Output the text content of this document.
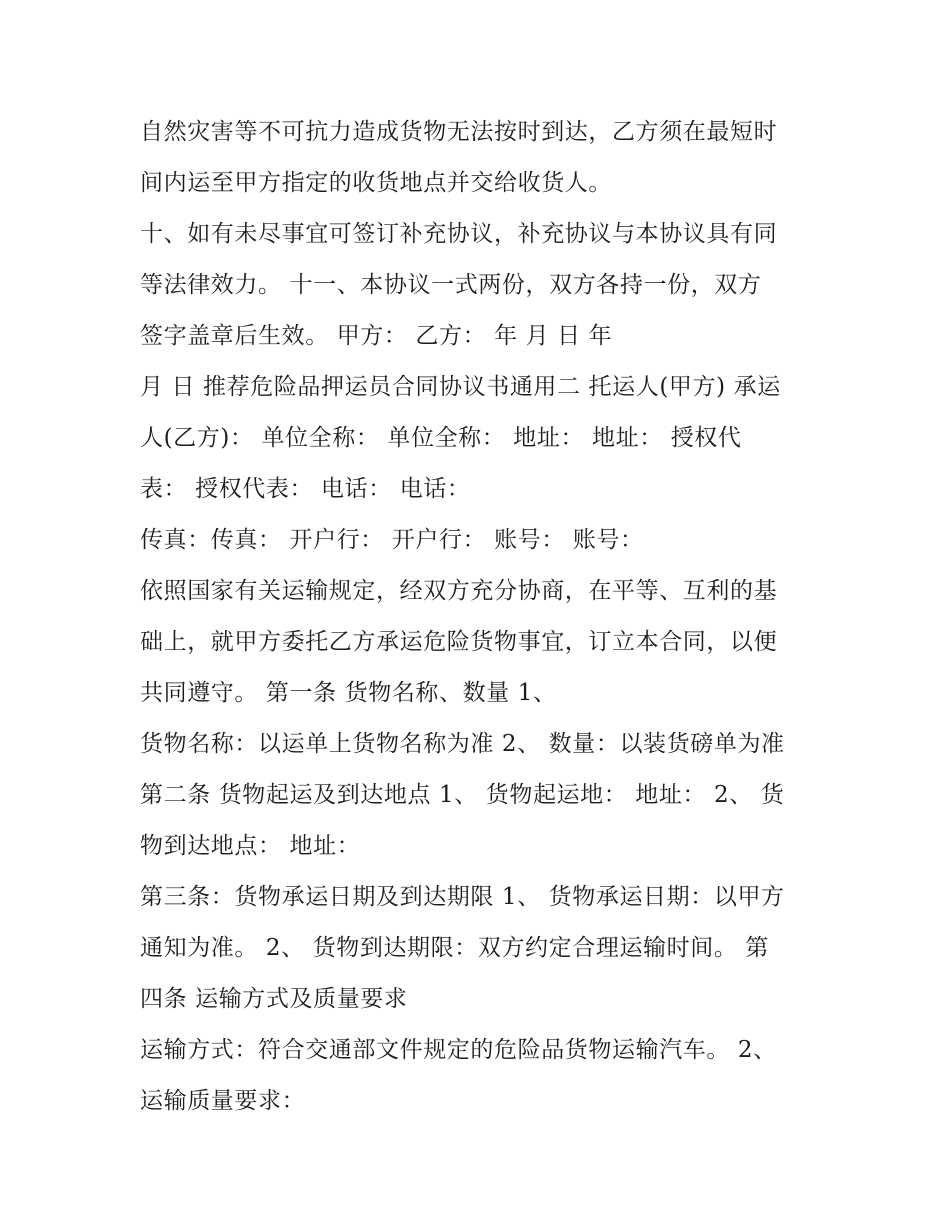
自然灾害等不可抗力造成货物无法按时到达，乙方须在最短时
间内运至甲方指定的收货地点并交给收货人。
十、如有未尽事宜可签订补充协议，补充协议与本协议具有同
等法律效力。 十一、本协议一式两份，双方各持一份，双方
签字盖章后生效。 甲方： 乙方： 年 月 日 年
月 日 推荐危险品押运员合同协议书通用二 托运人(甲方) 承运
人(乙方)： 单位全称： 单位全称： 地址： 地址： 授权代
表： 授权代表： 电话： 电话：
传真：传真： 开户行： 开户行： 账号： 账号：
依照国家有关运输规定，经双方充分协商，在平等、互利的基
础上，就甲方委托乙方承运危险货物事宜，订立本合同，以便
共同遵守。 第一条 货物名称、数量 1、
货物名称：以运单上货物名称为准 2、 数量：以装货磅单为准
第二条 货物起运及到达地点 1、 货物起运地： 地址： 2、 货
物到达地点： 地址：
第三条：货物承运日期及到达期限 1、 货物承运日期：以甲方
通知为准。 2、 货物到达期限：双方约定合理运输时间。 第
四条 运输方式及质量要求
运输方式：符合交通部文件规定的危险品货物运输汽车。 2、
运输质量要求：
